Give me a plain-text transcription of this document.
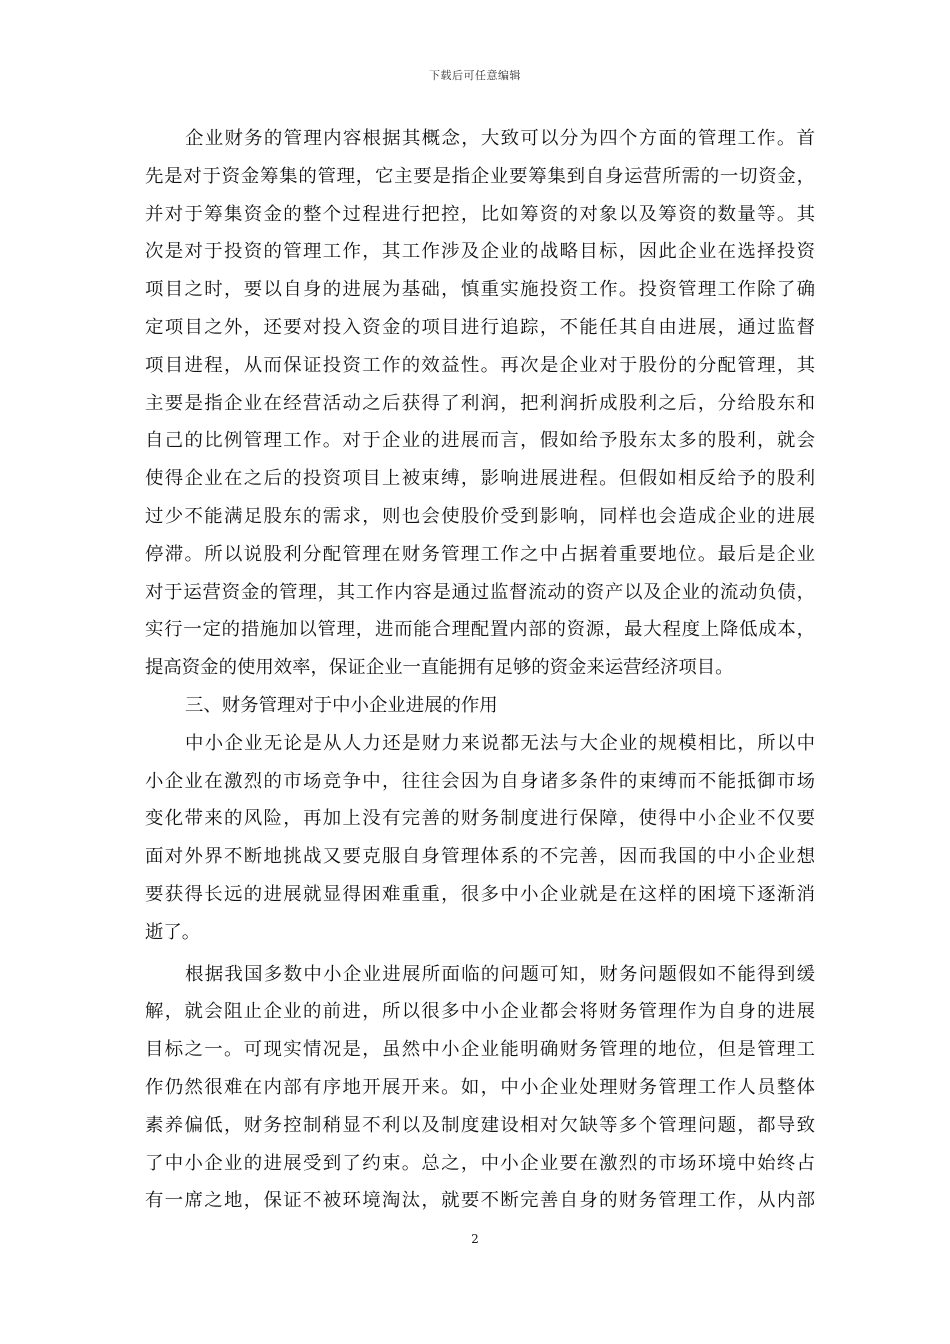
下载后可任意编辑
企业财务的管理内容根据其概念，大致可以分为四个方面的管理工作。首
先是对于资金筹集的管理，它主要是指企业要筹集到自身运营所需的一切资金，
并对于筹集资金的整个过程进行把控，比如筹资的对象以及筹资的数量等。其
次是对于投资的管理工作，其工作涉及企业的战略目标，因此企业在选择投资
项目之时，要以自身的进展为基础，慎重实施投资工作。投资管理工作除了确
定项目之外，还要对投入资金的项目进行追踪，不能任其自由进展，通过监督
项目进程，从而保证投资工作的效益性。再次是企业对于股份的分配管理，其
主要是指企业在经营活动之后获得了利润，把利润折成股利之后，分给股东和
自己的比例管理工作。对于企业的进展而言，假如给予股东太多的股利，就会
使得企业在之后的投资项目上被束缚，影响进展进程。但假如相反给予的股利
过少不能满足股东的需求，则也会使股价受到影响，同样也会造成企业的进展
停滞。所以说股利分配管理在财务管理工作之中占据着重要地位。最后是企业
对于运营资金的管理，其工作内容是通过监督流动的资产以及企业的流动负债，
实行一定的措施加以管理，进而能合理配置内部的资源，最大程度上降低成本，
提高资金的使用效率，保证企业一直能拥有足够的资金来运营经济项目。
三、财务管理对于中小企业进展的作用
中小企业无论是从人力还是财力来说都无法与大企业的规模相比，所以中
小企业在激烈的市场竞争中，往往会因为自身诸多条件的束缚而不能抵御市场
变化带来的风险，再加上没有完善的财务制度进行保障，使得中小企业不仅要
面对外界不断地挑战又要克服自身管理体系的不完善，因而我国的中小企业想
要获得长远的进展就显得困难重重，很多中小企业就是在这样的困境下逐渐消
逝了。
根据我国多数中小企业进展所面临的问题可知，财务问题假如不能得到缓
解，就会阻止企业的前进，所以很多中小企业都会将财务管理作为自身的进展
目标之一。可现实情况是，虽然中小企业能明确财务管理的地位，但是管理工
作仍然很难在内部有序地开展开来。如，中小企业处理财务管理工作人员整体
素养偏低，财务控制稍显不利以及制度建设相对欠缺等多个管理问题，都导致
了中小企业的进展受到了约束。总之，中小企业要在激烈的市场环境中始终占
有一席之地，保证不被环境淘汰，就要不断完善自身的财务管理工作，从内部
2
